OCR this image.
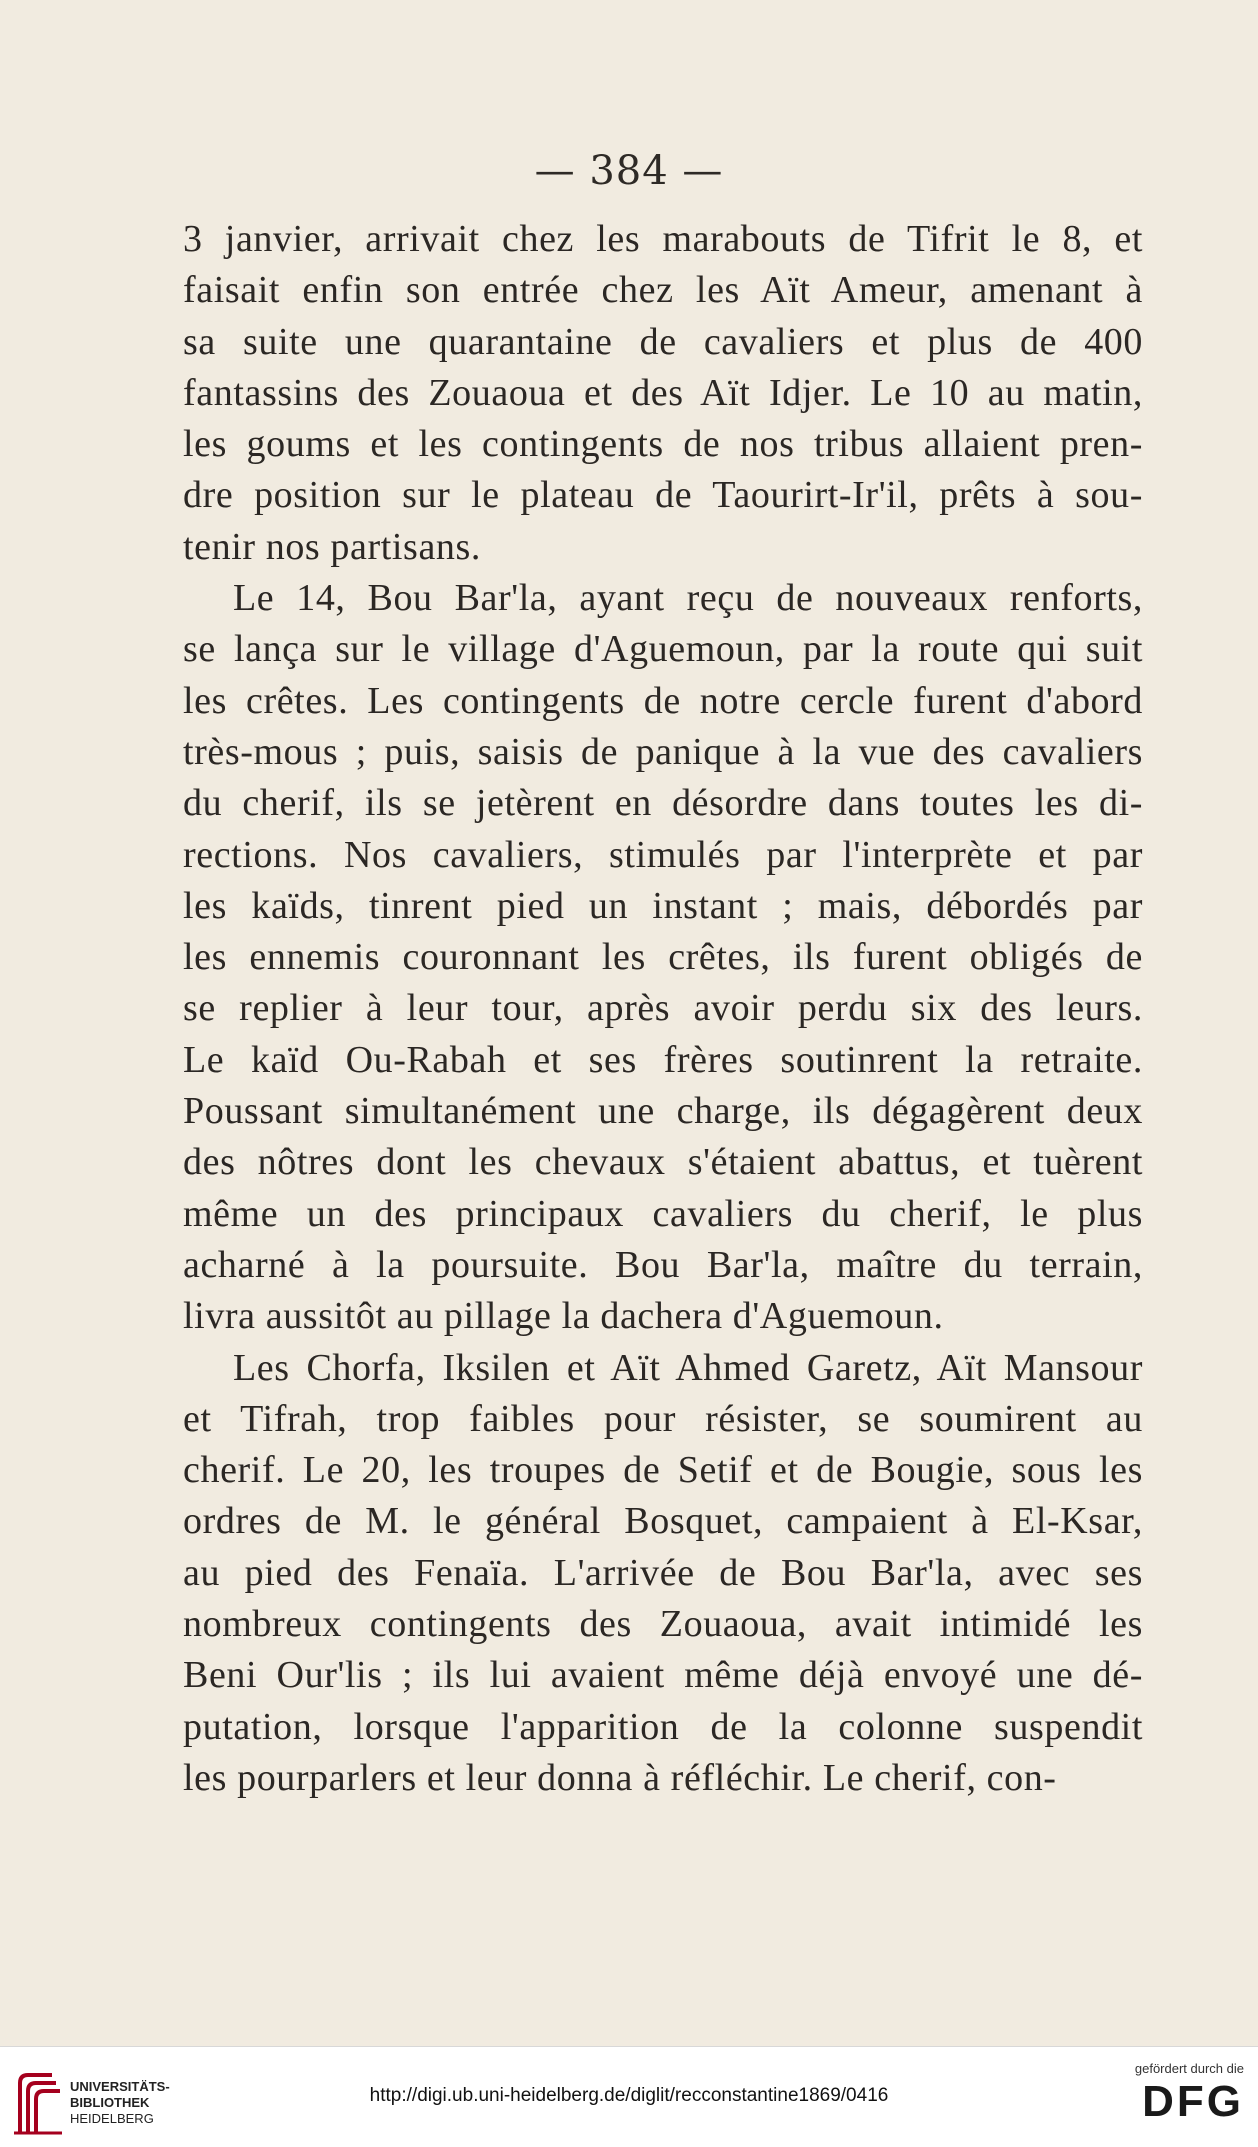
— 384 —
3 janvier, arrivait chez les marabouts de Tifrit le 8, et
faisait enfin son entrée chez les Aït Ameur, amenant à
sa suite une quarantaine de cavaliers et plus de 400
fantassins des Zouaoua et des Aït Idjer. Le 10 au matin,
les goums et les contingents de nos tribus allaient pren-
dre position sur le plateau de Taourirt-Ir'il, prêts à sou-
tenir nos partisans.
Le 14, Bou Bar'la, ayant reçu de nouveaux renforts,
se lança sur le village d'Aguemoun, par la route qui suit
les crêtes. Les contingents de notre cercle furent d'abord
très-mous ; puis, saisis de panique à la vue des cavaliers
du cherif, ils se jetèrent en désordre dans toutes les di-
rections. Nos cavaliers, stimulés par l'interprète et par
les kaïds, tinrent pied un instant ; mais, débordés par
les ennemis couronnant les crêtes, ils furent obligés de
se replier à leur tour, après avoir perdu six des leurs.
Le kaïd Ou-Rabah et ses frères soutinrent la retraite.
Poussant simultanément une charge, ils dégagèrent deux
des nôtres dont les chevaux s'étaient abattus, et tuèrent
même un des principaux cavaliers du cherif, le plus
acharné à la poursuite. Bou Bar'la, maître du terrain,
livra aussitôt au pillage la dachera d'Aguemoun.
Les Chorfa, Iksilen et Aït Ahmed Garetz, Aït Mansour
et Tifrah, trop faibles pour résister, se soumirent au
cherif. Le 20, les troupes de Setif et de Bougie, sous les
ordres de M. le général Bosquet, campaient à El-Ksar,
au pied des Fenaïa. L'arrivée de Bou Bar'la, avec ses
nombreux contingents des Zouaoua, avait intimidé les
Beni Our'lis ; ils lui avaient même déjà envoyé une dé-
putation, lorsque l'apparition de la colonne suspendit
les pourparlers et leur donna à réfléchir. Le cherif, con-
UNIVERSITÄTS-
BIBLIOTHEK
HEIDELBERG
http://digi.ub.uni-heidelberg.de/diglit/recconstantine1869/0416
gefördert durch die
DFG
